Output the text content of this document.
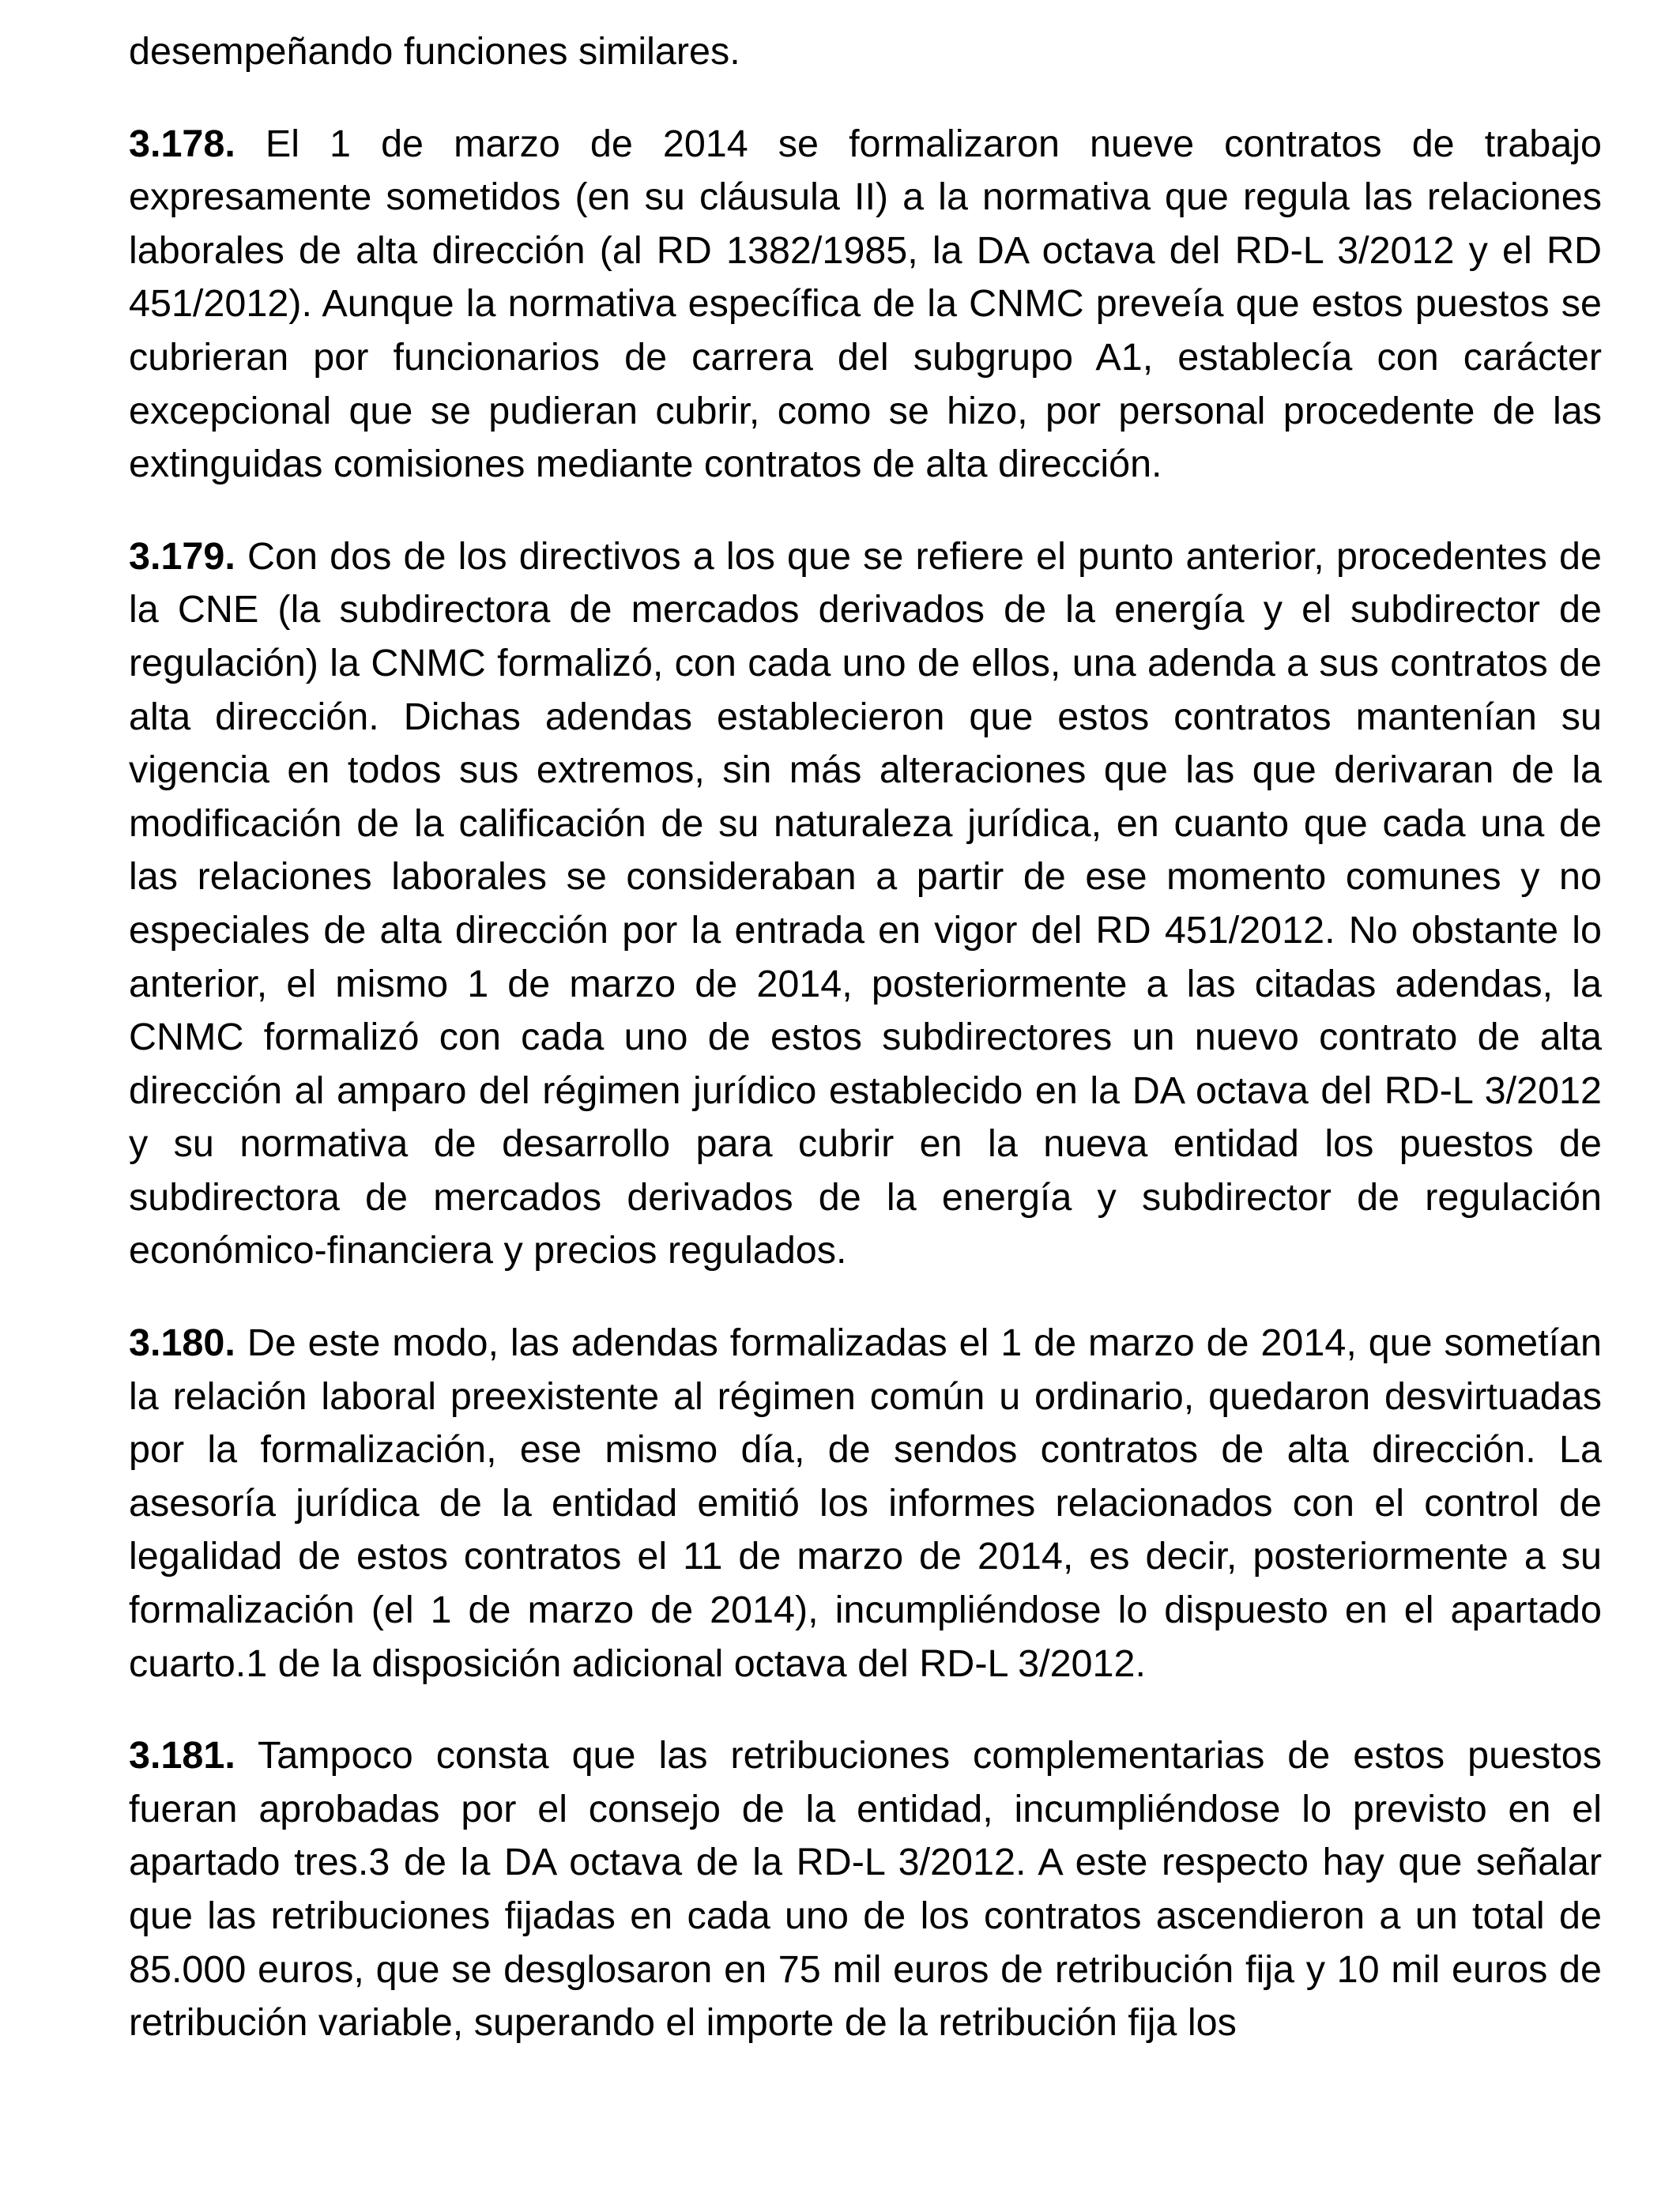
desempeñando funciones similares.

3.178. El 1 de marzo de 2014 se formalizaron nueve contratos de trabajo expresamente sometidos (en su cláusula II) a la normativa que regula las relaciones laborales de alta dirección (al RD 1382/1985, la DA octava del RD-L 3/2012 y el RD 451/2012). Aunque la normativa específica de la CNMC preveía que estos puestos se cubrieran por funcionarios de carrera del subgrupo A1, establecía con carácter excepcional que se pudieran cubrir, como se hizo, por personal procedente de las extinguidas comisiones mediante contratos de alta dirección.

3.179. Con dos de los directivos a los que se refiere el punto anterior, procedentes de la CNE (la subdirectora de mercados derivados de la energía y el subdirector de regulación) la CNMC formalizó, con cada uno de ellos, una adenda a sus contratos de alta dirección. Dichas adendas establecieron que estos contratos mantenían su vigencia en todos sus extremos, sin más alteraciones que las que derivaran de la modificación de la calificación de su naturaleza jurídica, en cuanto que cada una de las relaciones laborales se consideraban a partir de ese momento comunes y no especiales de alta dirección por la entrada en vigor del RD 451/2012. No obstante lo anterior, el mismo 1 de marzo de 2014, posteriormente a las citadas adendas, la CNMC formalizó con cada uno de estos subdirectores un nuevo contrato de alta dirección al amparo del régimen jurídico establecido en la DA octava del RD-L 3/2012 y su normativa de desarrollo para cubrir en la nueva entidad los puestos de subdirectora de mercados derivados de la energía y subdirector de regulación económico-financiera y precios regulados.

3.180. De este modo, las adendas formalizadas el 1 de marzo de 2014, que sometían la relación laboral preexistente al régimen común u ordinario, quedaron desvirtuadas por la formalización, ese mismo día, de sendos contratos de alta dirección. La asesoría jurídica de la entidad emitió los informes relacionados con el control de legalidad de estos contratos el 11 de marzo de 2014, es decir, posteriormente a su formalización (el 1 de marzo de 2014), incumpliéndose lo dispuesto en el apartado cuarto.1 de la disposición adicional octava del RD-L 3/2012.

3.181. Tampoco consta que las retribuciones complementarias de estos puestos fueran aprobadas por el consejo de la entidad, incumpliéndose lo previsto en el apartado tres.3 de la DA octava de la RD-L 3/2012. A este respecto hay que señalar que las retribuciones fijadas en cada uno de los contratos ascendieron a un total de 85.000 euros, que se desglosaron en 75 mil euros de retribución fija y 10 mil euros de retribución variable, superando el importe de la retribución fija los
